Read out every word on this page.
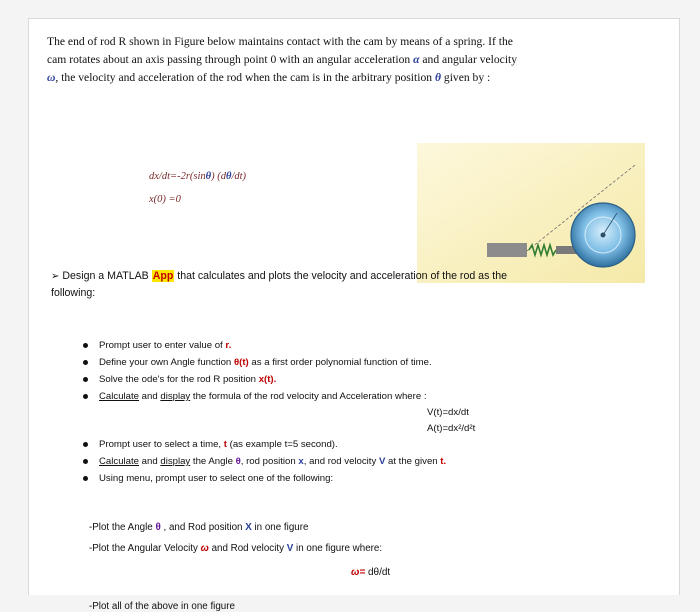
The end of rod R shown in Figure below maintains contact with the cam by means of a spring. If the
cam rotates about an axis passing through point 0 with an angular acceleration α and angular velocity
ω, the velocity and acceleration of the rod when the cam is in the arbitrary position θ given by :
dx/dt=-2r(sinθ) (dθ/dt)
x(0) =0
➢ Design a MATLAB App that calculates and plots the velocity and acceleration of the rod as the
following:
Prompt user to enter value of r.
Define your own Angle function θ(t) as a first order polynomial function of time.
Solve the ode's for the rod R position x(t).
Calculate and display the formula of the rod velocity and Acceleration where :
V(t)=dx/dt
A(t)=dx²/d²t
Prompt user to select a time, t (as example t=5 second).
Calculate and display the Angle θ, rod position x, and rod velocity V at the given t.
Using menu, prompt user to select one of the following:
-Plot the Angle θ , and Rod position X in one figure
-Plot the Angular Velocity ω and Rod velocity V in one figure where:
ω= dθ/dt
-Plot all of the above in one figure
